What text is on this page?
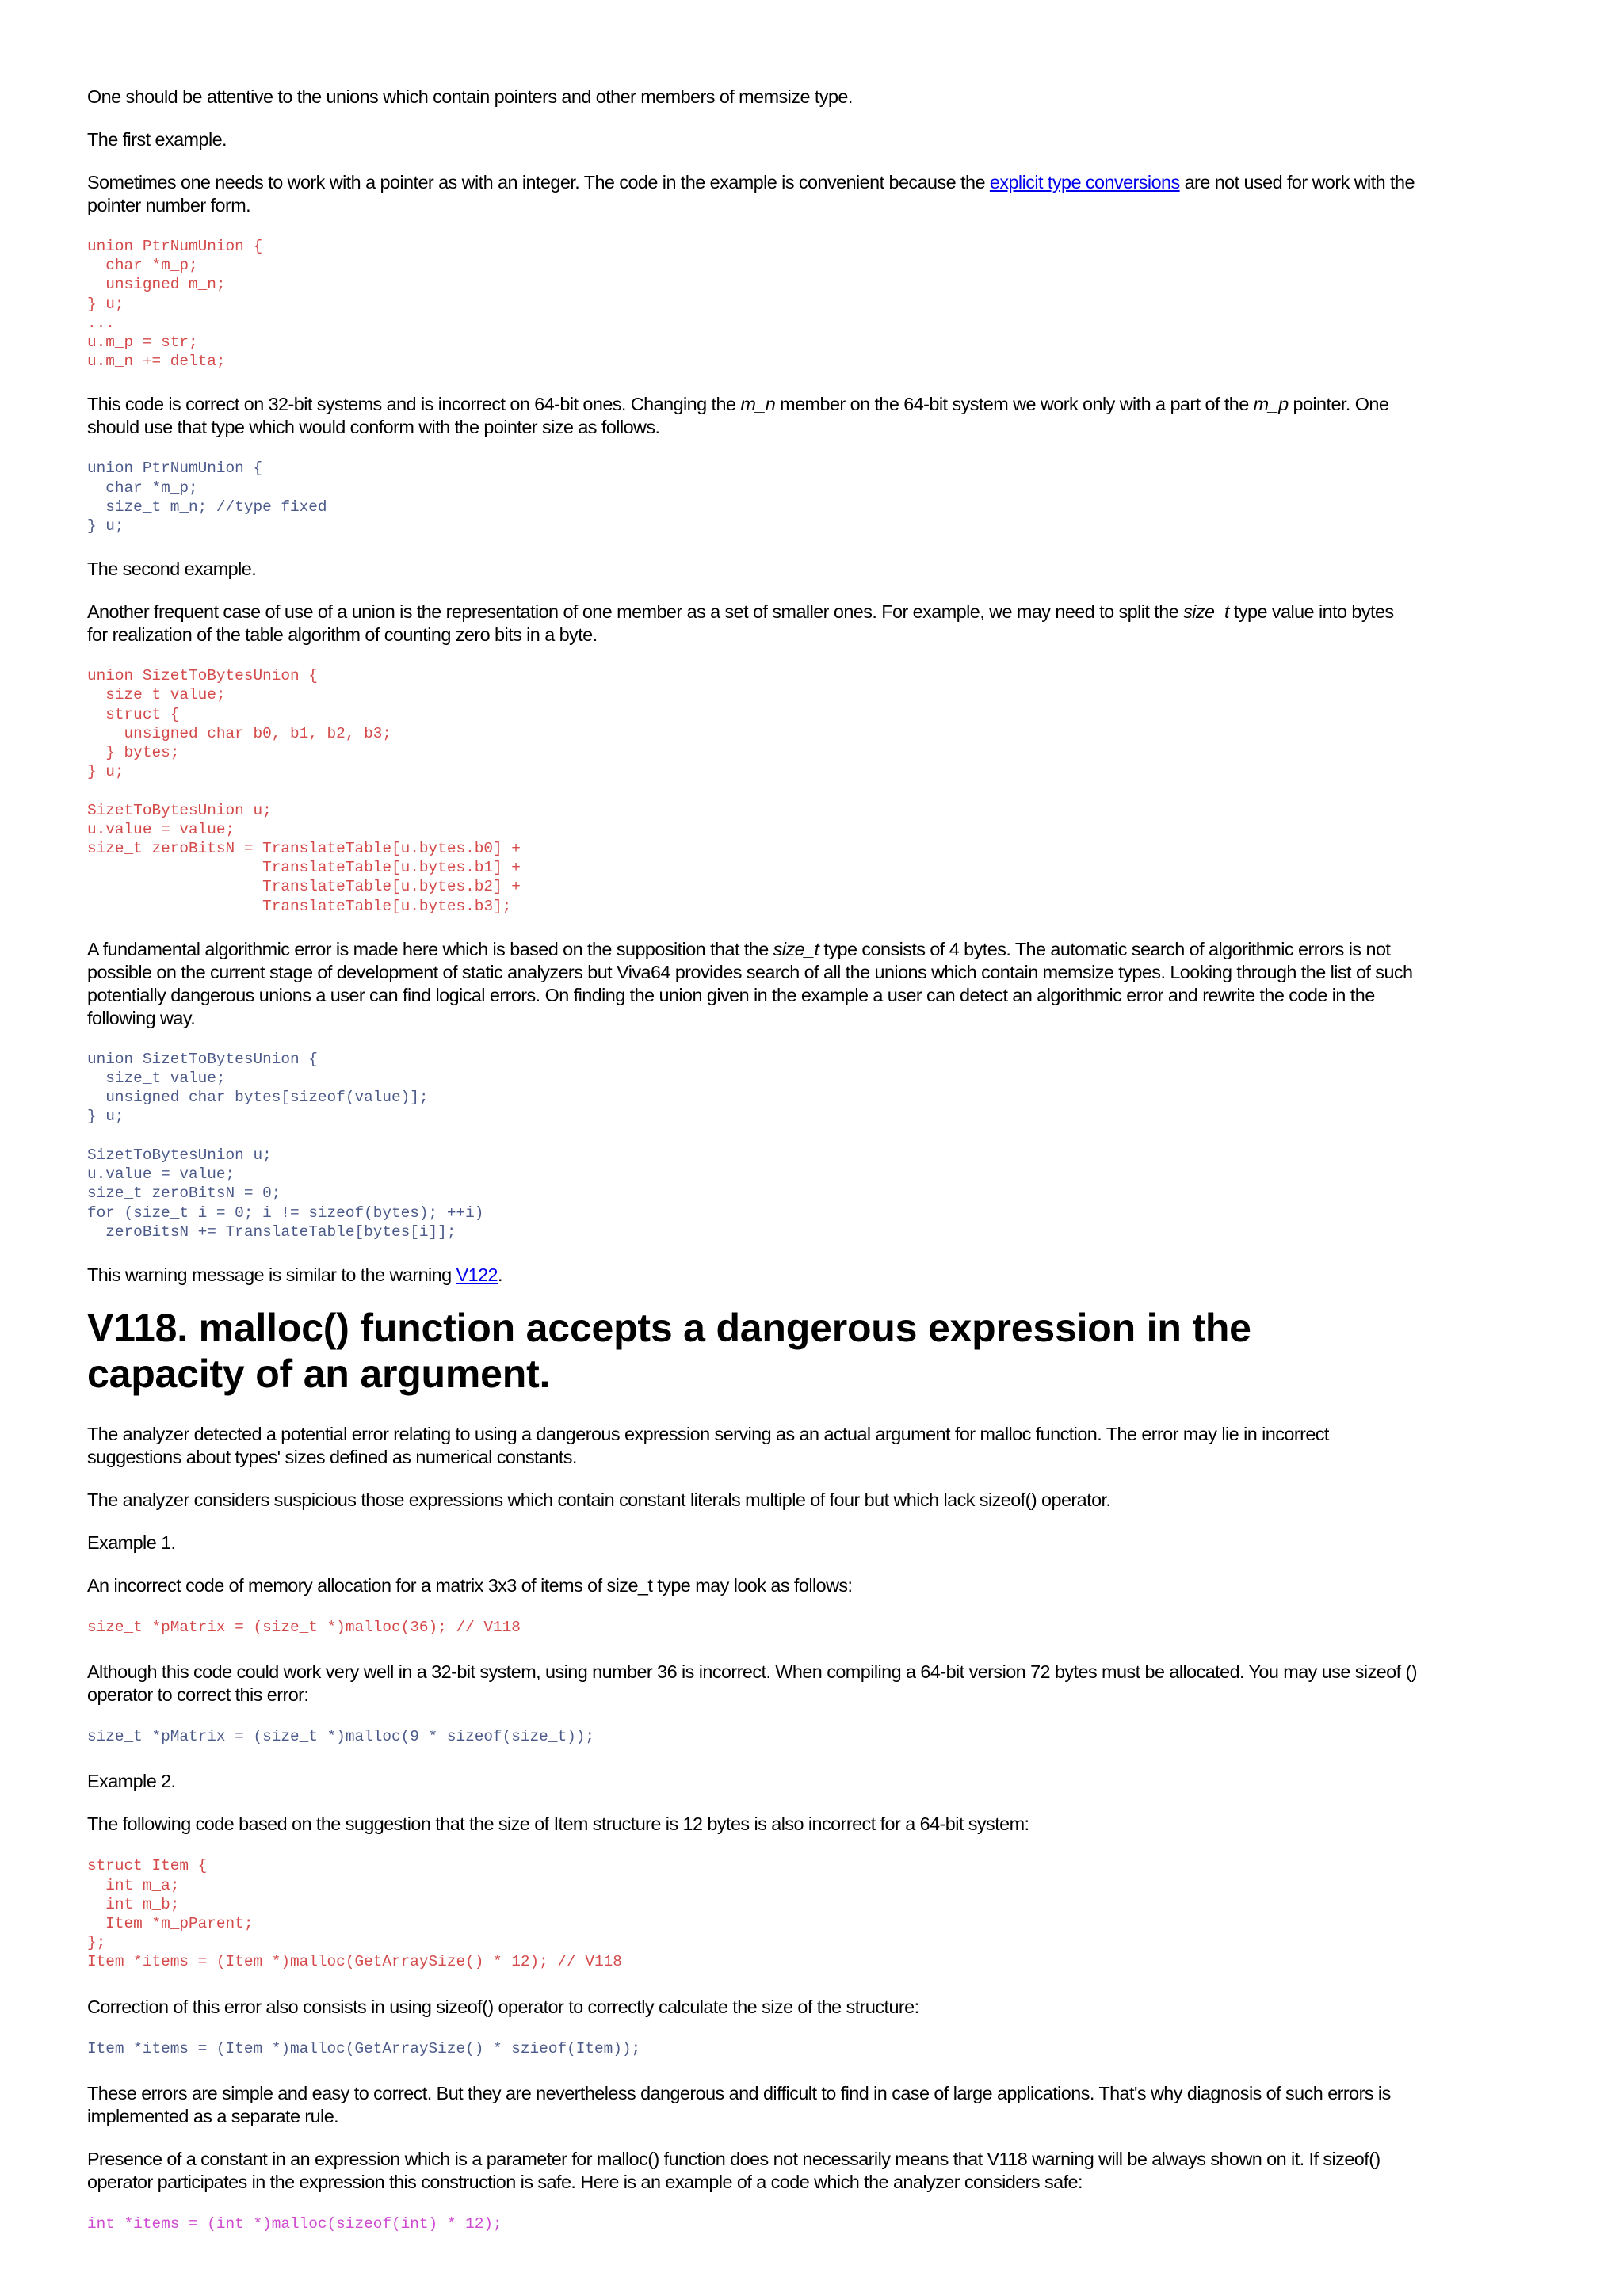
One should be attentive to the unions which contain pointers and other members of memsize type.

The first example.

Sometimes one needs to work with a pointer as with an integer. The code in the example is convenient because the explicit type conversions are not used for work with the pointer number form.

union PtrNumUnion {
char *m_p;
unsigned m_n;
} u;
...
u.m_p = str;
u.m_n += delta;

This code is correct on 32-bit systems and is incorrect on 64-bit ones. Changing the m_n member on the 64-bit system we work only with a part of the m_p pointer. One should use that type which would conform with the pointer size as follows.

union PtrNumUnion {
char *m_p;
size_t m_n; //type fixed
} u;

The second example.

Another frequent case of use of a union is the representation of one member as a set of smaller ones. For example, we may need to split the size_t type value into bytes for realization of the table algorithm of counting zero bits in a byte.

union SizetToBytesUnion {
size_t value;
struct {
unsigned char b0, b1, b2, b3;
} bytes;
} u;

SizetToBytesUnion u;
u.value = value;
size_t zeroBitsN = TranslateTable[u.bytes.b0] +
TranslateTable[u.bytes.b1] +
TranslateTable[u.bytes.b2] +
TranslateTable[u.bytes.b3];

A fundamental algorithmic error is made here which is based on the supposition that the size_t type consists of 4 bytes. The automatic search of algorithmic errors is not possible on the current stage of development of static analyzers but Viva64 provides search of all the unions which contain memsize types. Looking through the list of such potentially dangerous unions a user can find logical errors. On finding the union given in the example a user can detect an algorithmic error and rewrite the code in the following way.

union SizetToBytesUnion {
size_t value;
unsigned char bytes[sizeof(value)];
} u;

SizetToBytesUnion u;
u.value = value;
size_t zeroBitsN = 0;
for (size_t i = 0; i != sizeof(bytes); ++i)
zeroBitsN += TranslateTable[bytes[i]];

This warning message is similar to the warning V122.

V118. malloc() function accepts a dangerous expression in the capacity of an argument.

The analyzer detected a potential error relating to using a dangerous expression serving as an actual argument for malloc function. The error may lie in incorrect suggestions about types' sizes defined as numerical constants.

The analyzer considers suspicious those expressions which contain constant literals multiple of four but which lack sizeof() operator.

Example 1.

An incorrect code of memory allocation for a matrix 3x3 of items of size_t type may look as follows:

size_t *pMatrix = (size_t *)malloc(36); // V118

Although this code could work very well in a 32-bit system, using number 36 is incorrect. When compiling a 64-bit version 72 bytes must be allocated. You may use sizeof () operator to correct this error:

size_t *pMatrix = (size_t *)malloc(9 * sizeof(size_t));

Example 2.

The following code based on the suggestion that the size of Item structure is 12 bytes is also incorrect for a 64-bit system:

struct Item {
int m_a;
int m_b;
Item *m_pParent;
};
Item *items = (Item *)malloc(GetArraySize() * 12); // V118

Correction of this error also consists in using sizeof() operator to correctly calculate the size of the structure:

Item *items = (Item *)malloc(GetArraySize() * szieof(Item));

These errors are simple and easy to correct. But they are nevertheless dangerous and difficult to find in case of large applications. That's why diagnosis of such errors is implemented as a separate rule.

Presence of a constant in an expression which is a parameter for malloc() function does not necessarily means that V118 warning will be always shown on it. If sizeof() operator participates in the expression this construction is safe. Here is an example of a code which the analyzer considers safe:

int *items = (int *)malloc(sizeof(int) * 12);
